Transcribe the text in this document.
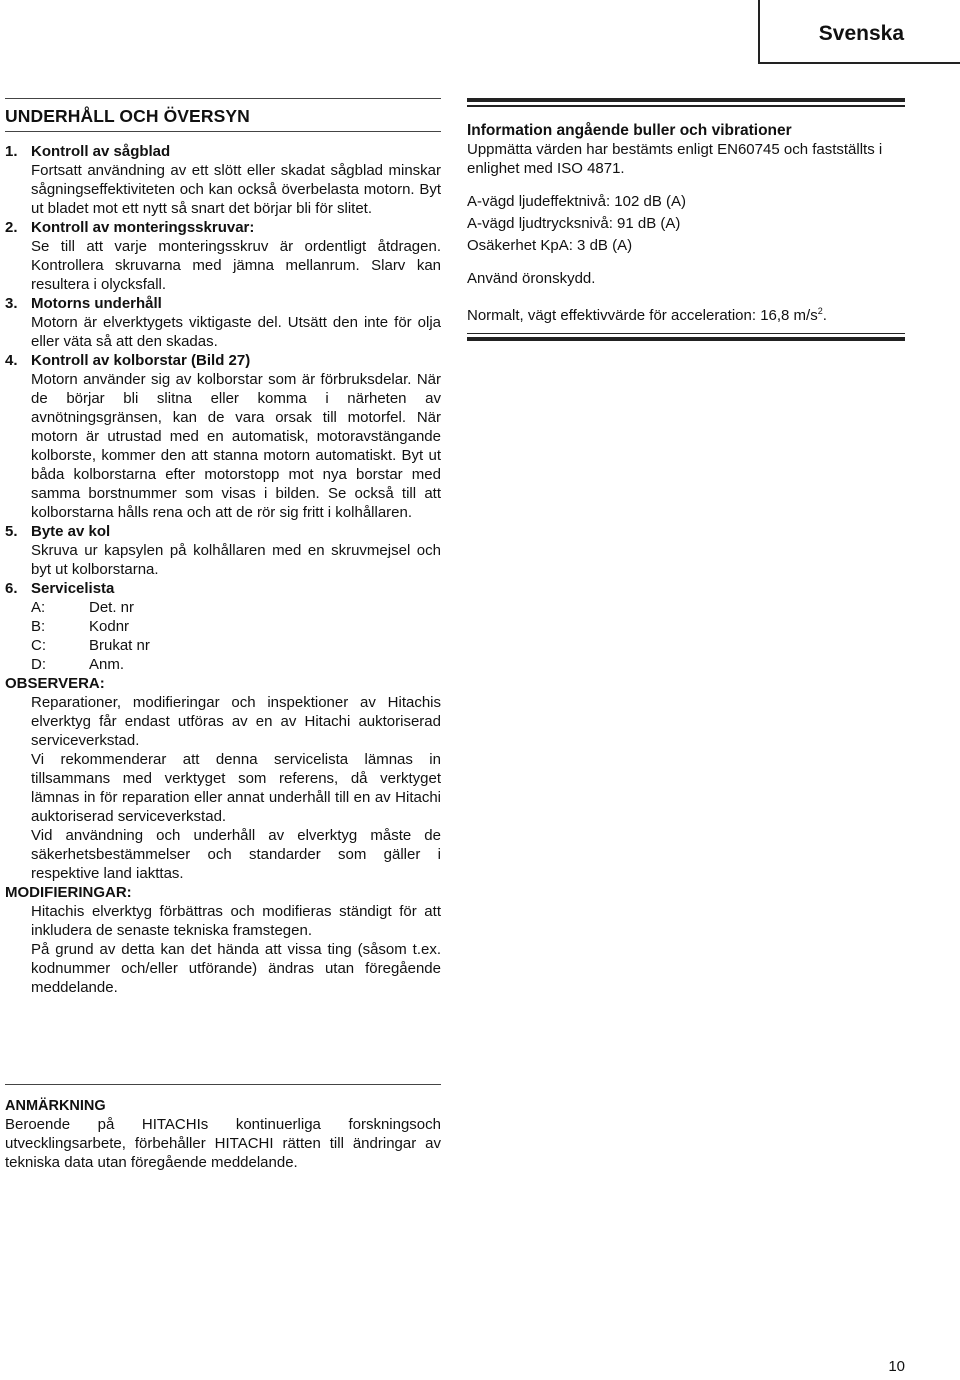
Svenska
UNDERHÅLL OCH ÖVERSYN
1. Kontroll av sågblad
Fortsatt användning av ett slött eller skadat sågblad minskar sågningseffektiviteten och kan också överbelasta motorn. Byt ut bladet mot ett nytt så snart det börjar bli för slitet.
2. Kontroll av monteringsskruvar:
Se till att varje monteringsskruv är ordentligt åtdragen. Kontrollera skruvarna med jämna mellanrum. Slarv kan resultera i olycksfall.
3. Motorns underhåll
Motorn är elverktygets viktigaste del. Utsätt den inte för olja eller väta så att den skadas.
4. Kontroll av kolborstar (Bild 27)
Motorn använder sig av kolborstar som är förbruksdelar. När de börjar bli slitna eller komma i närheten av avnötningsgränsen, kan de vara orsak till motorfel. När motorn är utrustad med en automatisk, motoravstängande kolborste, kommer den att stanna motorn automatiskt. Byt ut båda kolborstarna efter motorstopp mot nya borstar med samma borstnummer som visas i bilden. Se också till att kolborstarna hålls rena och att de rör sig fritt i kolhållaren.
5. Byte av kol
Skruva ur kapsylen på kolhållaren med en skruvmejsel och byt ut kolborstarna.
6. Servicelista
A:	Det. nr
B:	Kodnr
C:	Brukat nr
D:	Anm.
OBSERVERA:
Reparationer, modifieringar och inspektioner av Hitachis elverktyg får endast utföras av en av Hitachi auktoriserad serviceverkstad.
Vi rekommenderar att denna servicelista lämnas in tillsammans med verktyget som referens, då verktyget lämnas in för reparation eller annat underhåll till en av Hitachi auktoriserad serviceverkstad.
Vid användning och underhåll av elverktyg måste de säkerhetsbestämmelser och standarder som gäller i respektive land iakttas.
MODIFIERINGAR:
Hitachis elverktyg förbättras och modifieras ständigt för att inkludera de senaste tekniska framstegen.
På grund av detta kan det hända att vissa ting (såsom t.ex. kodnummer och/eller utförande) ändras utan föregående meddelande.
ANMÄRKNING
Beroende på HITACHIs kontinuerliga forskningsoch utvecklingsarbete, förbehåller HITACHI rätten till ändringar av tekniska data utan föregående meddelande.
Information angående buller och vibrationer
Uppmätta värden har bestämts enligt EN60745 och fastställts i enlighet med ISO 4871.
A-vägd ljudeffektnivå: 102 dB (A)
A-vägd ljudtrycksnivå: 91 dB (A)
Osäkerhet KpA: 3 dB (A)
Använd öronskydd.
Normalt, vägt effektivvärde för acceleration: 16,8 $m/s^2$.
10
